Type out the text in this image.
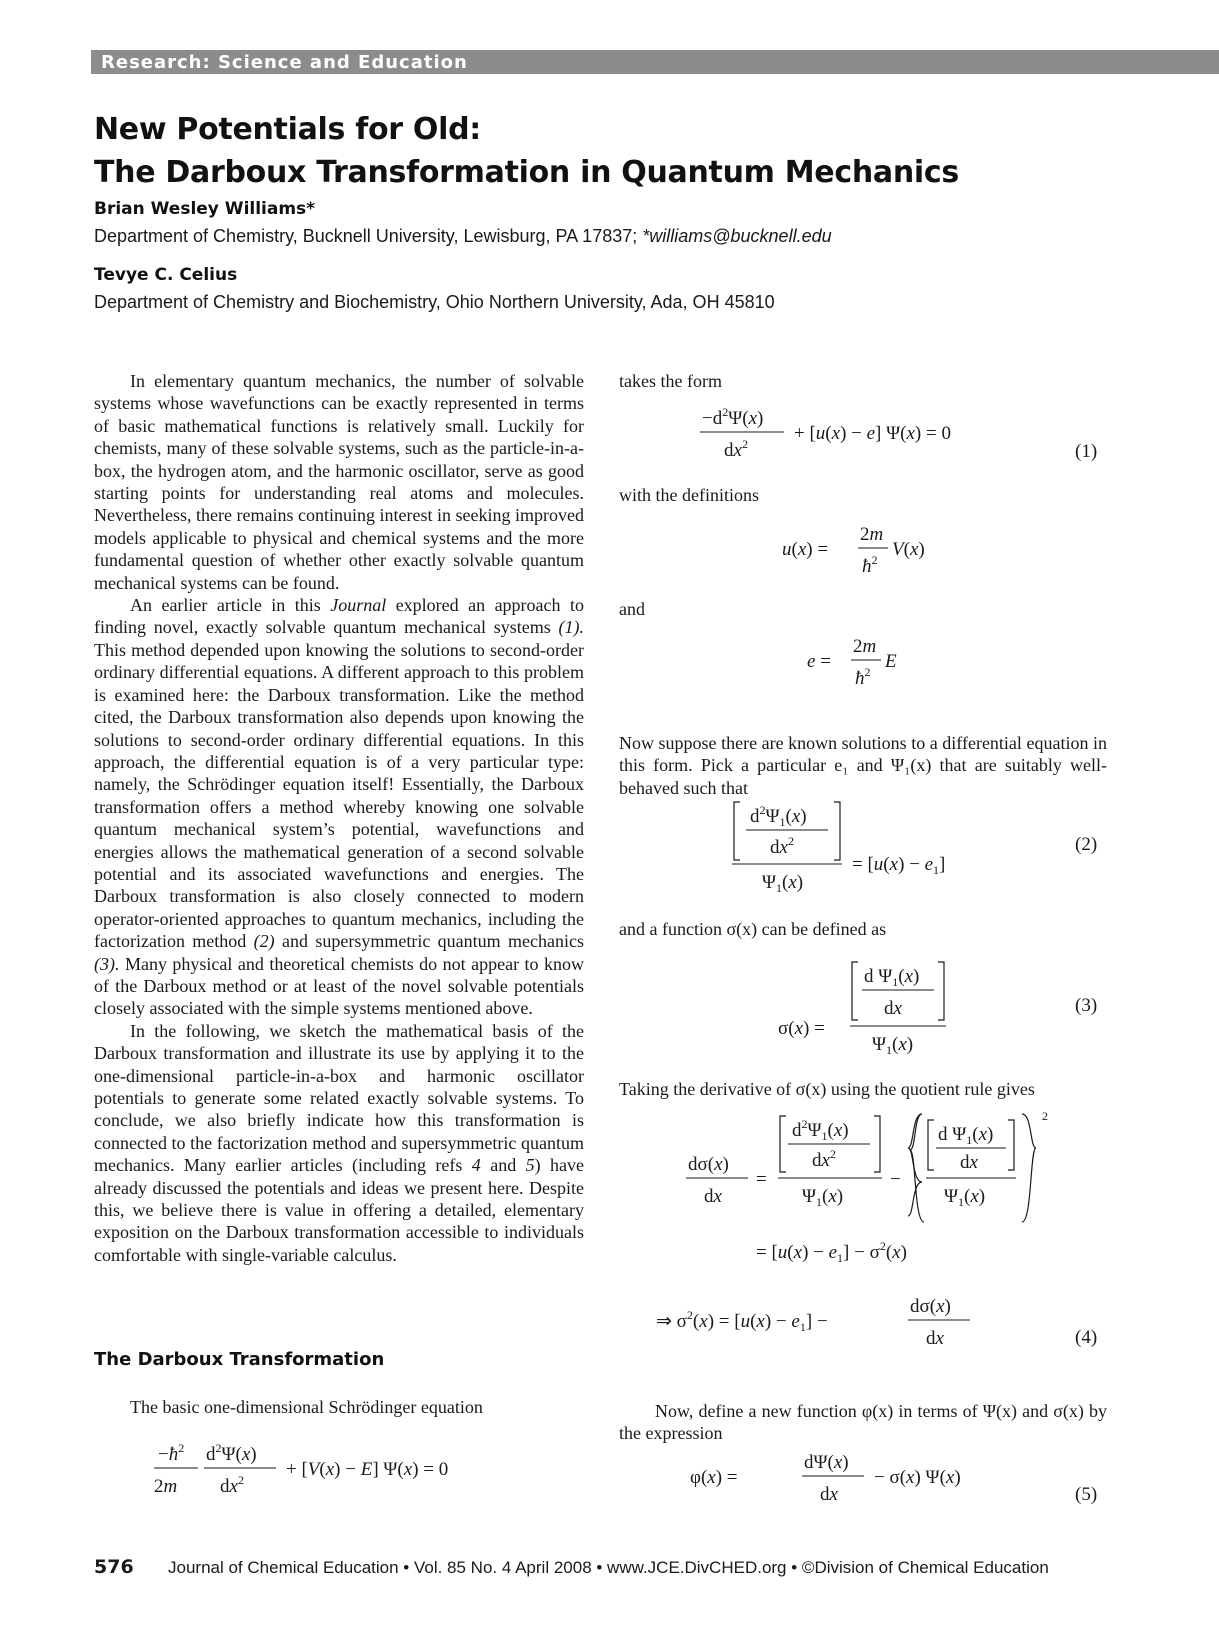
Research: Science and Education
New Potentials for Old:
The Darboux Transformation in Quantum Mechanics
Brian Wesley Williams*
Department of Chemistry, Bucknell University, Lewisburg, PA 17837; *williams@bucknell.edu
Tevye C. Celius
Department of Chemistry and Biochemistry, Ohio Northern University, Ada, OH 45810

In elementary quantum mechanics, the number of solvable systems whose wavefunctions can be exactly represented in terms of basic mathematical functions is relatively small. Luckily for chemists, many of these solvable systems, such as the particle-in-a-box, the hydrogen atom, and the harmonic oscillator, serve as good starting points for understanding real atoms and molecules. Nevertheless, there remains continuing interest in seeking improved models applicable to physical and chemical systems and the more fundamental question of whether other exactly solvable quantum mechanical systems can be found.

An earlier article in this Journal explored an approach to finding novel, exactly solvable quantum mechanical systems (1). This method depended upon knowing the solutions to second-order ordinary differential equations. A different approach to this problem is examined here: the Darboux transformation. Like the method cited, the Darboux transformation also depends upon knowing the solutions to second-order ordinary differential equations. In this approach, the differential equation is of a very particular type: namely, the Schrödinger equation itself! Essentially, the Darboux transformation offers a method whereby knowing one solvable quantum mechanical system’s potential, wavefunctions and energies allows the mathematical generation of a second solvable potential and its associated wavefunctions and energies. The Darboux transformation is also closely connected to modern operator-oriented approaches to quantum mechanics, including the factorization method (2) and supersymmetric quantum mechanics (3). Many physical and theoretical chemists do not appear to know of the Darboux method or at least of the novel solvable potentials closely associated with the simple systems mentioned above.

In the following, we sketch the mathematical basis of the Darboux transformation and illustrate its use by applying it to the one-dimensional particle-in-a-box and harmonic oscillator potentials to generate some related exactly solvable systems. To conclude, we also briefly indicate how this transformation is connected to the factorization method and supersymmetric quantum mechanics. Many earlier articles (including refs 4 and 5) have already discussed the potentials and ideas we present here. Despite this, we believe there is value in offering a detailed, elementary exposition on the Darboux transformation accessible to individuals comfortable with single-variable calculus.

The Darboux Transformation
The basic one-dimensional Schrödinger equation
$-ħ^2$
2m
$d^2\Psi(x)$
$dx^2 + [V(x) - E] \Psi(x) = 0$
takes the form
$-d^2\Psi(x)$
$dx^2 + [u(x) - e] \Psi(x) = 0$
(1)
with the definitions
u(x) =
2m
$ħ^2$ V(x)
and
e =
2m
$ħ^2$ E
Now suppose there are known solutions to a differential equation in this form. Pick a particular e₁ and Ψ₁(x) that are suitably well-behaved such that
$d^2\Psi_1(x)$
$dx^2$
$\Psi_1(x)$
= $[u(x) - e_1]$
(2)
and a function σ(x) can be defined as
σ(x) =
d $\Psi_1(x)$
dx
$\Psi_1(x)$
(3)
Taking the derivative of σ(x) using the quotient rule gives
dσ(x)
dx
=
$d^2\Psi_1(x)$
$dx^2$
$\Psi_1(x)$
−
d $\Psi_1(x)$
dx
$\Psi_1(x)$
2
= $[u(x) - e_1] - \sigma^2(x)$
⇒ $\sigma^2(x) = [u(x) - e_1]$ −
dσ(x)
dx	(4)
Now, define a new function φ(x) in terms of Ψ(x) and σ(x) by the expression
φ(x) =
dΨ(x)
dx
− σ(x) Ψ(x)
(5)
576 Journal of Chemical Education • Vol. 85 No. 4 April 2008 • www.JCE.DivCHED.org • ©Division of Chemical Education
